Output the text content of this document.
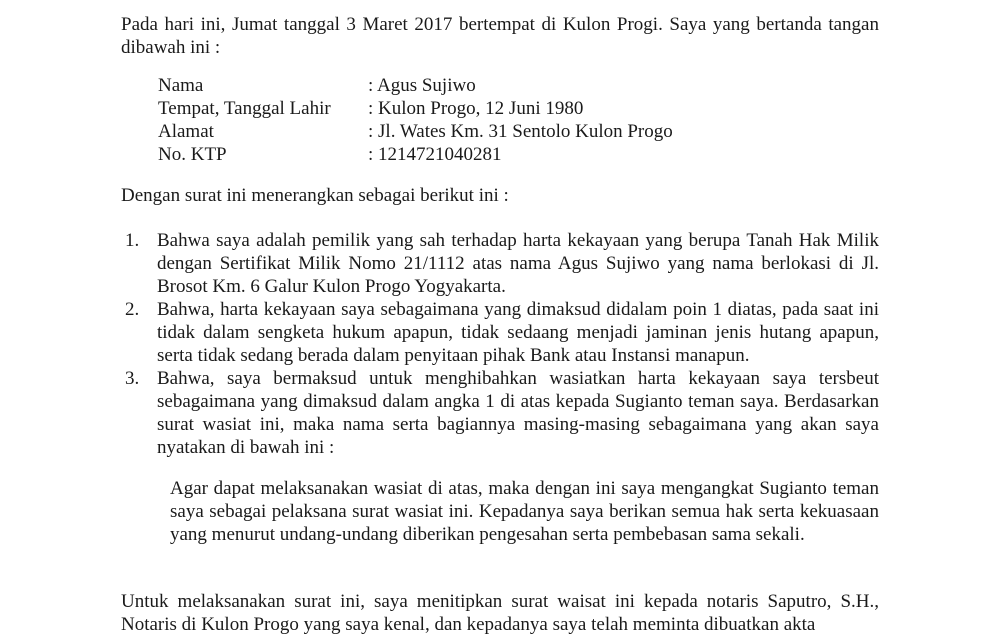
Pada hari ini, Jumat tanggal 3 Maret 2017 bertempat di Kulon Progi. Saya yang bertanda tangan dibawah ini :

Nama	: Agus Sujiwo
Tempat, Tanggal Lahir	: Kulon Progo, 12 Juni 1980
Alamat	: Jl. Wates Km. 31 Sentolo Kulon Progo
No. KTP	: 1214721040281

Dengan surat ini menerangkan sebagai berikut ini :

1. Bahwa saya adalah pemilik yang sah terhadap harta kekayaan yang berupa Tanah Hak Milik dengan Sertifikat Milik Nomo 21/1112 atas nama Agus Sujiwo yang nama berlokasi di Jl. Brosot Km. 6 Galur Kulon Progo Yogyakarta.
2. Bahwa, harta kekayaan saya sebagaimana yang dimaksud didalam poin 1 diatas, pada saat ini tidak dalam sengketa hukum apapun, tidak sedaang menjadi jaminan jenis hutang apapun, serta tidak sedang berada dalam penyitaan pihak Bank atau Instansi manapun.
3. Bahwa, saya bermaksud untuk menghibahkan wasiatkan harta kekayaan saya tersbeut sebagaimana yang dimaksud dalam angka 1 di atas kepada Sugianto teman saya. Berdasarkan surat wasiat ini, maka nama serta bagiannya masing-masing sebagaimana yang akan saya nyatakan di bawah ini :

Agar dapat melaksanakan wasiat di atas, maka dengan ini saya mengangkat Sugianto teman saya sebagai pelaksana surat wasiat ini. Kepadanya saya berikan semua hak serta kekuasaan yang menurut undang-undang diberikan pengesahan serta pembebasan sama sekali.

Untuk melaksanakan surat ini, saya menitipkan surat waisat ini kepada notaris Saputro, S.H., Notaris di Kulon Progo yang saya kenal, dan kepadanya saya telah meminta dibuatkan akta
